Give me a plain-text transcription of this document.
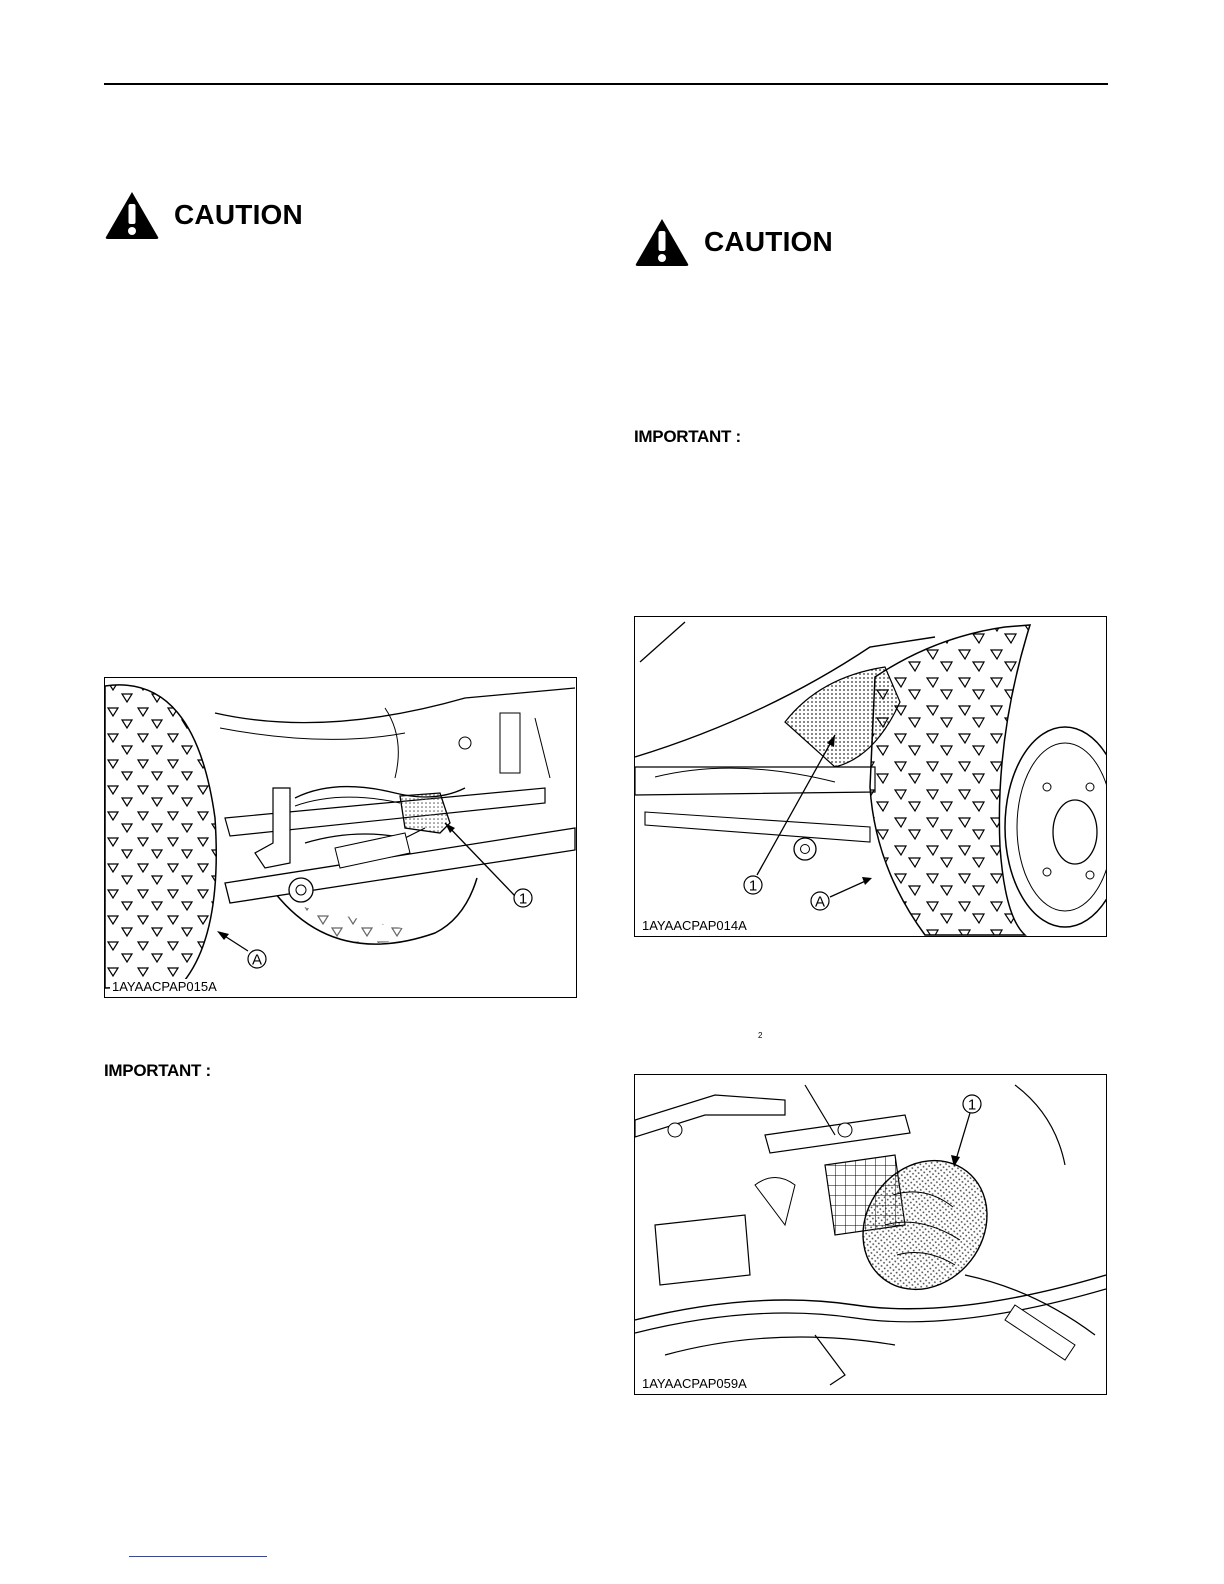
CAUTION
CAUTION
IMPORTANT :
1
A
1AYAACPAP015A
IMPORTANT :
1
A
1AYAACPAP014A
2
1
1AYAACPAP059A
